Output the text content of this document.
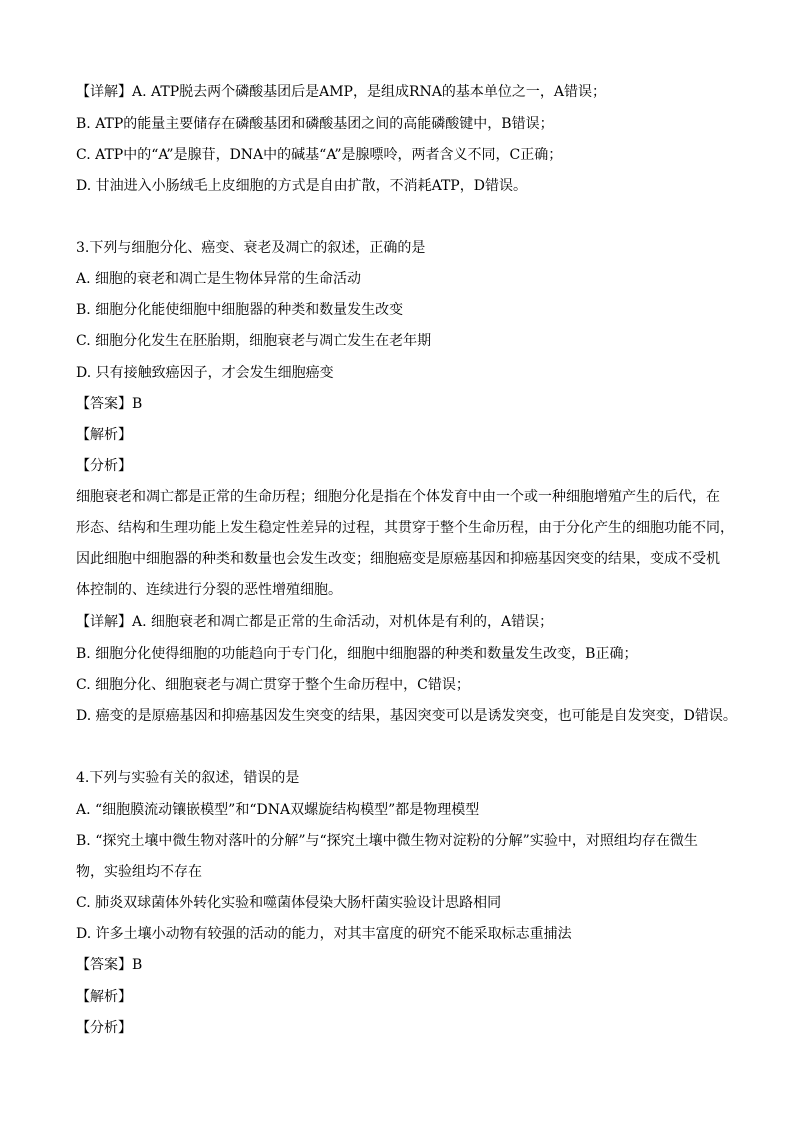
【详解】A. ATP脱去两个磷酸基团后是AMP，是组成RNA的基本单位之一，A错误；
B. ATP的能量主要储存在磷酸基团和磷酸基团之间的高能磷酸键中，B错误；
C. ATP中的“A”是腺苷，DNA中的碱基“A”是腺嘌呤，两者含义不同，C正确；
D. 甘油进入小肠绒毛上皮细胞的方式是自由扩散，不消耗ATP，D错误。
3.下列与细胞分化、癌变、衰老及凋亡的叙述，正确的是
A. 细胞的衰老和凋亡是生物体异常的生命活动
B. 细胞分化能使细胞中细胞器的种类和数量发生改变
C. 细胞分化发生在胚胎期，细胞衰老与凋亡发生在老年期
D. 只有接触致癌因子，才会发生细胞癌变
【答案】B
【解析】
【分析】
细胞衰老和凋亡都是正常的生命历程；细胞分化是指在个体发育中由一个或一种细胞增殖产生的后代，在
形态、结构和生理功能上发生稳定性差异的过程，其贯穿于整个生命历程，由于分化产生的细胞功能不同，
因此细胞中细胞器的种类和数量也会发生改变；细胞癌变是原癌基因和抑癌基因突变的结果，变成不受机
体控制的、连续进行分裂的恶性增殖细胞。
【详解】A. 细胞衰老和凋亡都是正常的生命活动，对机体是有利的，A错误；
B. 细胞分化使得细胞的功能趋向于专门化，细胞中细胞器的种类和数量发生改变，B正确；
C. 细胞分化、细胞衰老与凋亡贯穿于整个生命历程中，C错误；
D. 癌变的是原癌基因和抑癌基因发生突变的结果，基因突变可以是诱发突变，也可能是自发突变，D错误。
4.下列与实验有关的叙述，错误的是
A. “细胞膜流动镶嵌模型”和“DNA双螺旋结构模型”都是物理模型
B. “探究土壤中微生物对落叶的分解”与“探究土壤中微生物对淀粉的分解”实验中，对照组均存在微生
物，实验组均不存在
C. 肺炎双球菌体外转化实验和噬菌体侵染大肠杆菌实验设计思路相同
D. 许多土壤小动物有较强的活动的能力，对其丰富度的研究不能采取标志重捕法
【答案】B
【解析】
【分析】
